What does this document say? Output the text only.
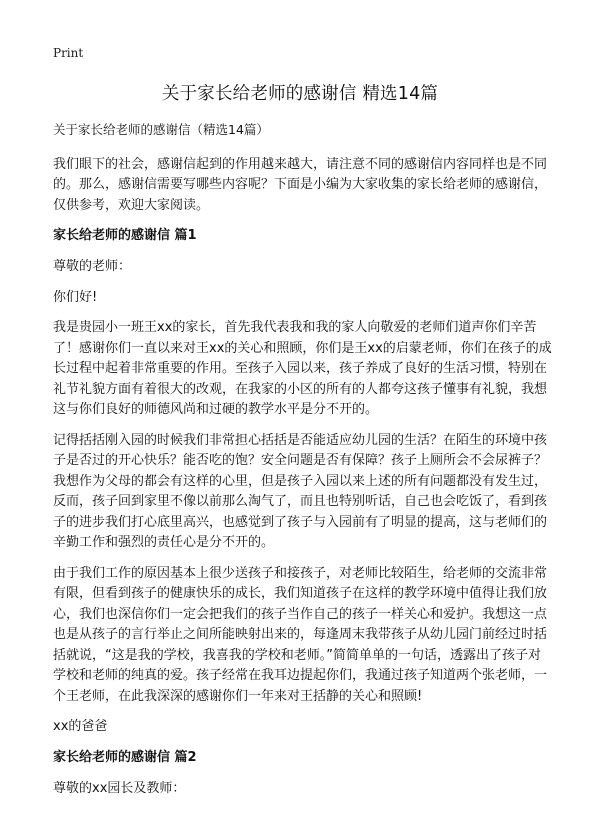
Print
关于家长给老师的感谢信 精选14篇

关于家长给老师的感谢信（精选14篇）

我们眼下的社会，感谢信起到的作用越来越大，请注意不同的感谢信内容同样也是不同的。那么，感谢信需要写哪些内容呢？下面是小编为大家收集的家长给老师的感谢信，仅供参考，欢迎大家阅读。

家长给老师的感谢信 篇1

尊敬的老师：

你们好!

我是贵园小一班王xx的家长，首先我代表我和我的家人向敬爱的老师们道声你们辛苦了！感谢你们一直以来对王xx的关心和照顾，你们是王xx的启蒙老师，你们在孩子的成长过程中起着非常重要的作用。至孩子入园以来，孩子养成了良好的生活习惯，特别在礼节礼貌方面有着很大的改观，在我家的小区的所有的人都夸这孩子懂事有礼貌，我想这与你们良好的师德风尚和过硬的教学水平是分不开的。

记得括括刚入园的时候我们非常担心括括是否能适应幼儿园的生活？在陌生的环境中孩子是否过的开心快乐？能否吃的饱？安全问题是否有保障？孩子上厕所会不会尿裤子？我想作为父母的都会有这样的心里，但是孩子入园以来上述的所有问题都没有发生过，反而，孩子回到家里不像以前那么淘气了，而且也特别听话，自己也会吃饭了，看到孩子的进步我们打心底里高兴，也感觉到了孩子与入园前有了明显的提高，这与老师们的辛勤工作和强烈的责任心是分不开的。

由于我们工作的原因基本上很少送孩子和接孩子，对老师比较陌生，给老师的交流非常有限，但看到孩子的健康快乐的成长，我们知道孩子在这样的教学环境中值得让我们放心，我们也深信你们一定会把我们的孩子当作自己的孩子一样关心和爱护。我想这一点也是从孩子的言行举止之间所能映射出来的，每逢周末我带孩子从幼儿园门前经过时括括就说，“这是我的学校，我喜我的学校和老师。”简简单单的一句话，透露出了孩子对学校和老师的纯真的爱。孩子经常在我耳边提起你们，我通过孩子知道两个张老师，一个王老师，在此我深深的感谢你们一年来对王括静的关心和照顾!

xx的爸爸

家长给老师的感谢信 篇2

尊敬的xx园长及教师：
